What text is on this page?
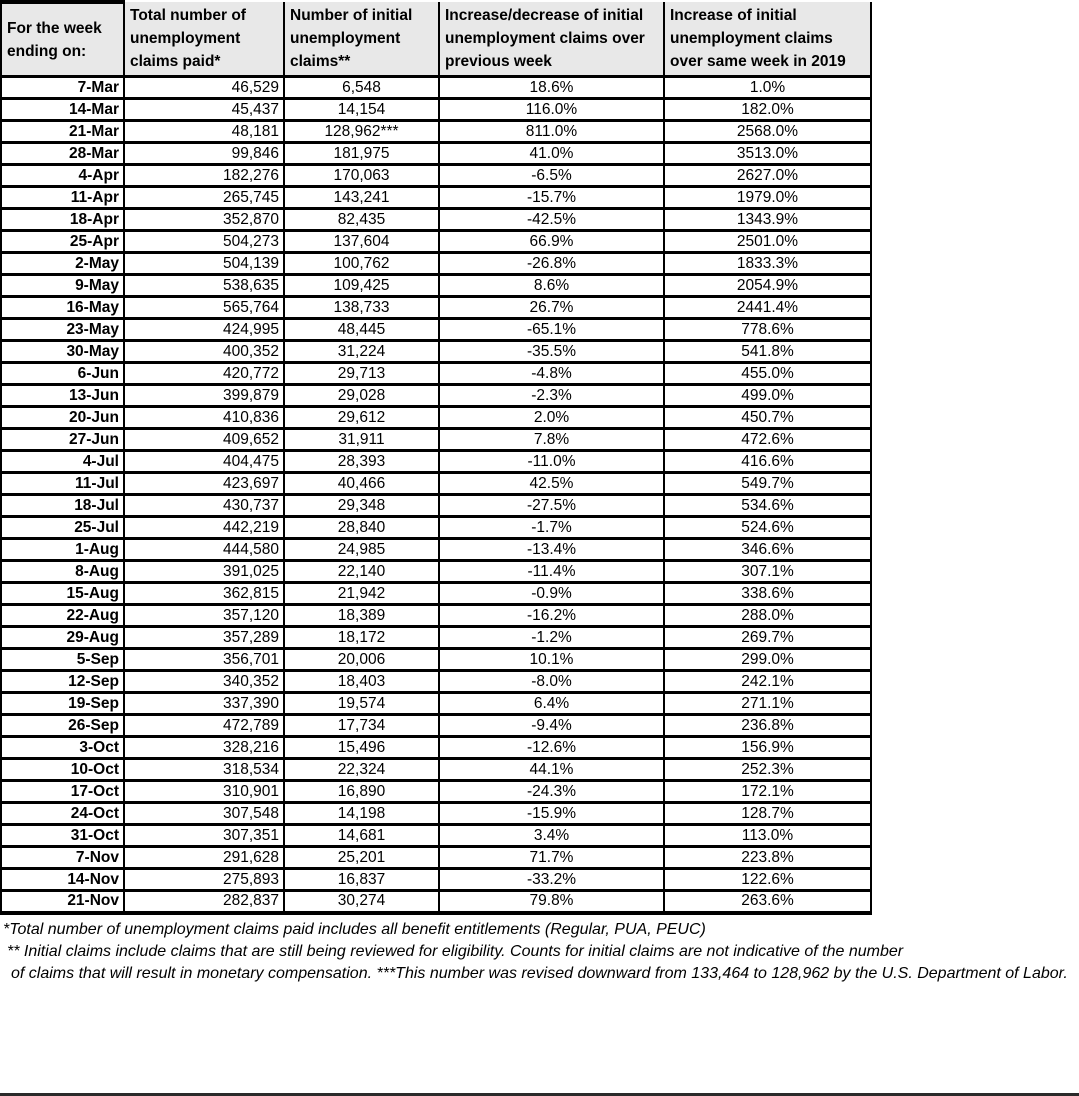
For the week ending on:	Total number of unemployment claims paid*	Number of initial unemployment claims**	Increase/decrease of initial unemployment claims over previous week	Increase of initial unemployment claims over same week in 2019
7-Mar	46,529	6,548	18.6%	1.0%
14-Mar	45,437	14,154	116.0%	182.0%
21-Mar	48,181	128,962***	811.0%	2568.0%
28-Mar	99,846	181,975	41.0%	3513.0%
4-Apr	182,276	170,063	-6.5%	2627.0%
11-Apr	265,745	143,241	-15.7%	1979.0%
18-Apr	352,870	82,435	-42.5%	1343.9%
25-Apr	504,273	137,604	66.9%	2501.0%
2-May	504,139	100,762	-26.8%	1833.3%
9-May	538,635	109,425	8.6%	2054.9%
16-May	565,764	138,733	26.7%	2441.4%
23-May	424,995	48,445	-65.1%	778.6%
30-May	400,352	31,224	-35.5%	541.8%
6-Jun	420,772	29,713	-4.8%	455.0%
13-Jun	399,879	29,028	-2.3%	499.0%
20-Jun	410,836	29,612	2.0%	450.7%
27-Jun	409,652	31,911	7.8%	472.6%
4-Jul	404,475	28,393	-11.0%	416.6%
11-Jul	423,697	40,466	42.5%	549.7%
18-Jul	430,737	29,348	-27.5%	534.6%
25-Jul	442,219	28,840	-1.7%	524.6%
1-Aug	444,580	24,985	-13.4%	346.6%
8-Aug	391,025	22,140	-11.4%	307.1%
15-Aug	362,815	21,942	-0.9%	338.6%
22-Aug	357,120	18,389	-16.2%	288.0%
29-Aug	357,289	18,172	-1.2%	269.7%
5-Sep	356,701	20,006	10.1%	299.0%
12-Sep	340,352	18,403	-8.0%	242.1%
19-Sep	337,390	19,574	6.4%	271.1%
26-Sep	472,789	17,734	-9.4%	236.8%
3-Oct	328,216	15,496	-12.6%	156.9%
10-Oct	318,534	22,324	44.1%	252.3%
17-Oct	310,901	16,890	-24.3%	172.1%
24-Oct	307,548	14,198	-15.9%	128.7%
31-Oct	307,351	14,681	3.4%	113.0%
7-Nov	291,628	25,201	71.7%	223.8%
14-Nov	275,893	16,837	-33.2%	122.6%
21-Nov	282,837	30,274	79.8%	263.6%
*Total number of unemployment claims paid includes all benefit entitlements (Regular, PUA, PEUC)
** Initial claims include claims that are still being reviewed for eligibility. Counts for initial claims are not indicative of the number
of claims that will result in monetary compensation. ***This number was revised downward from 133,464 to 128,962 by the U.S. Department of Labor.
